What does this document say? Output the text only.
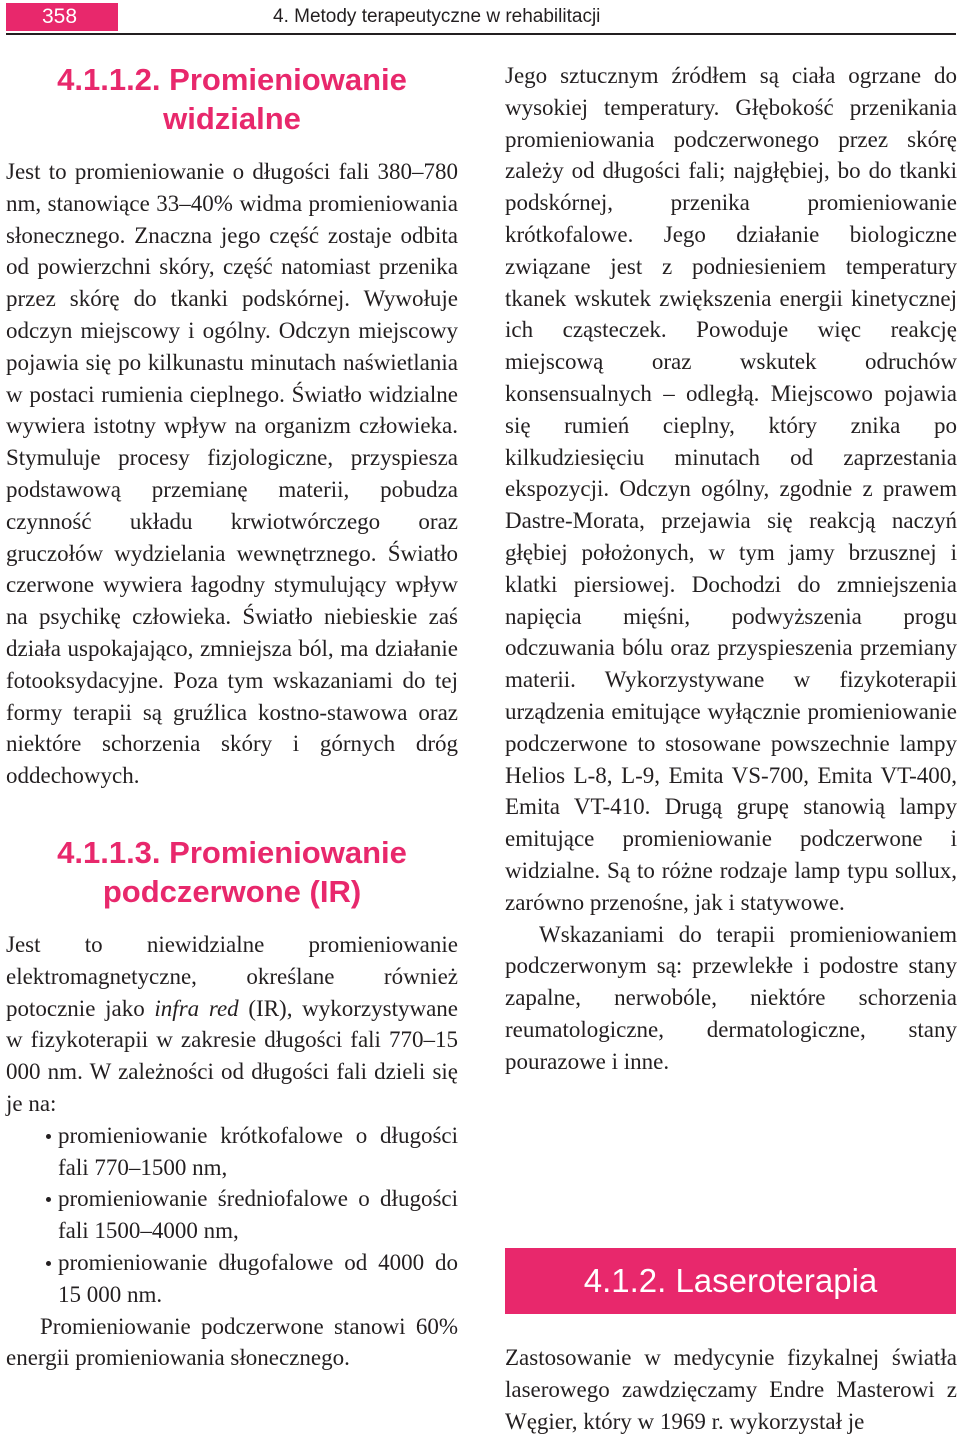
358	4. Metody terapeutyczne w rehabilitacji
4.1.1.2. Promieniowanie
widzialne

Jest to promieniowanie o długości fali 380–780 nm, stanowiące 33–40% widma promieniowania słonecznego. Znaczna jego część zostaje odbita od powierzchni skóry, część natomiast przenika przez skórę do tkanki podskórnej. Wywołuje odczyn miejscowy i ogólny. Odczyn miejscowy pojawia się po kilkunastu minutach naświetlania w postaci rumienia cieplnego. Światło widzialne wywiera istotny wpływ na organizm człowieka. Stymuluje procesy fizjologiczne, przyspiesza podstawową przemianę materii, pobudza czynność układu krwiotwórczego oraz gruczołów wydzielania wewnętrznego. Światło czerwone wywiera łagodny stymulujący wpływ na psychikę człowieka. Światło niebieskie zaś działa uspokajająco, zmniejsza ból, ma działanie fotooksydacyjne. Poza tym wskazaniami do tej formy terapii są gruźlica kostno-stawowa oraz niektóre schorzenia skóry i górnych dróg oddechowych.

4.1.1.3. Promieniowanie
podczerwone (IR)

Jest to niewidzialne promieniowanie elektromagnetyczne, określane również potocznie jako infra red (IR), wykorzystywane w fizykoterapii w zakresie długości fali 770–15 000 nm. W zależności od długości fali dzieli się je na:

promieniowanie krótkofalowe o długości fali 770–1500 nm,
promieniowanie średniofalowe o długości fali 1500–4000 nm,
promieniowanie długofalowe od 4000 do 15 000 nm.

Promieniowanie podczerwone stanowi 60% energii promieniowania słonecznego.

Jego sztucznym źródłem są ciała ogrzane do wysokiej temperatury. Głębokość przenikania promieniowania podczerwonego przez skórę zależy od długości fali; najgłębiej, bo do tkanki podskórnej, przenika promieniowanie krótkofalowe. Jego działanie biologiczne związane jest z podniesieniem temperatury tkanek wskutek zwiększenia energii kinetycznej ich cząsteczek. Powoduje więc reakcję miejscową oraz wskutek odruchów konsensualnych – odległą. Miejscowo pojawia się rumień cieplny, który znika po kilkudziesięciu minutach od zaprzestania ekspozycji. Odczyn ogólny, zgodnie z prawem Dastre-Morata, przejawia się reakcją naczyń głębiej położonych, w tym jamy brzusznej i klatki piersiowej. Dochodzi do zmniejszenia napięcia mięśni, podwyższenia progu odczuwania bólu oraz przyspieszenia przemiany materii. Wykorzystywane w fizykoterapii urządzenia emitujące wyłącznie promieniowanie podczerwone to stosowane powszechnie lampy Helios L-8, L-9, Emita VS-700, Emita VT-400, Emita VT-410. Drugą grupę stanowią lampy emitujące promieniowanie podczerwone i widzialne. Są to różne rodzaje lamp typu sollux, zarówno przenośne, jak i statywowe.

Wskazaniami do terapii promieniowaniem podczerwonym są: przewlekłe i podostre stany zapalne, nerwobóle, niektóre schorzenia reumatologiczne, dermatologiczne, stany pourazowe i inne.

4.1.2. Laseroterapia

Zastosowanie w medycynie fizykalnej światła laserowego zawdzięczamy Endre Masterowi z Węgier, który w 1969 r. wykorzystał je
